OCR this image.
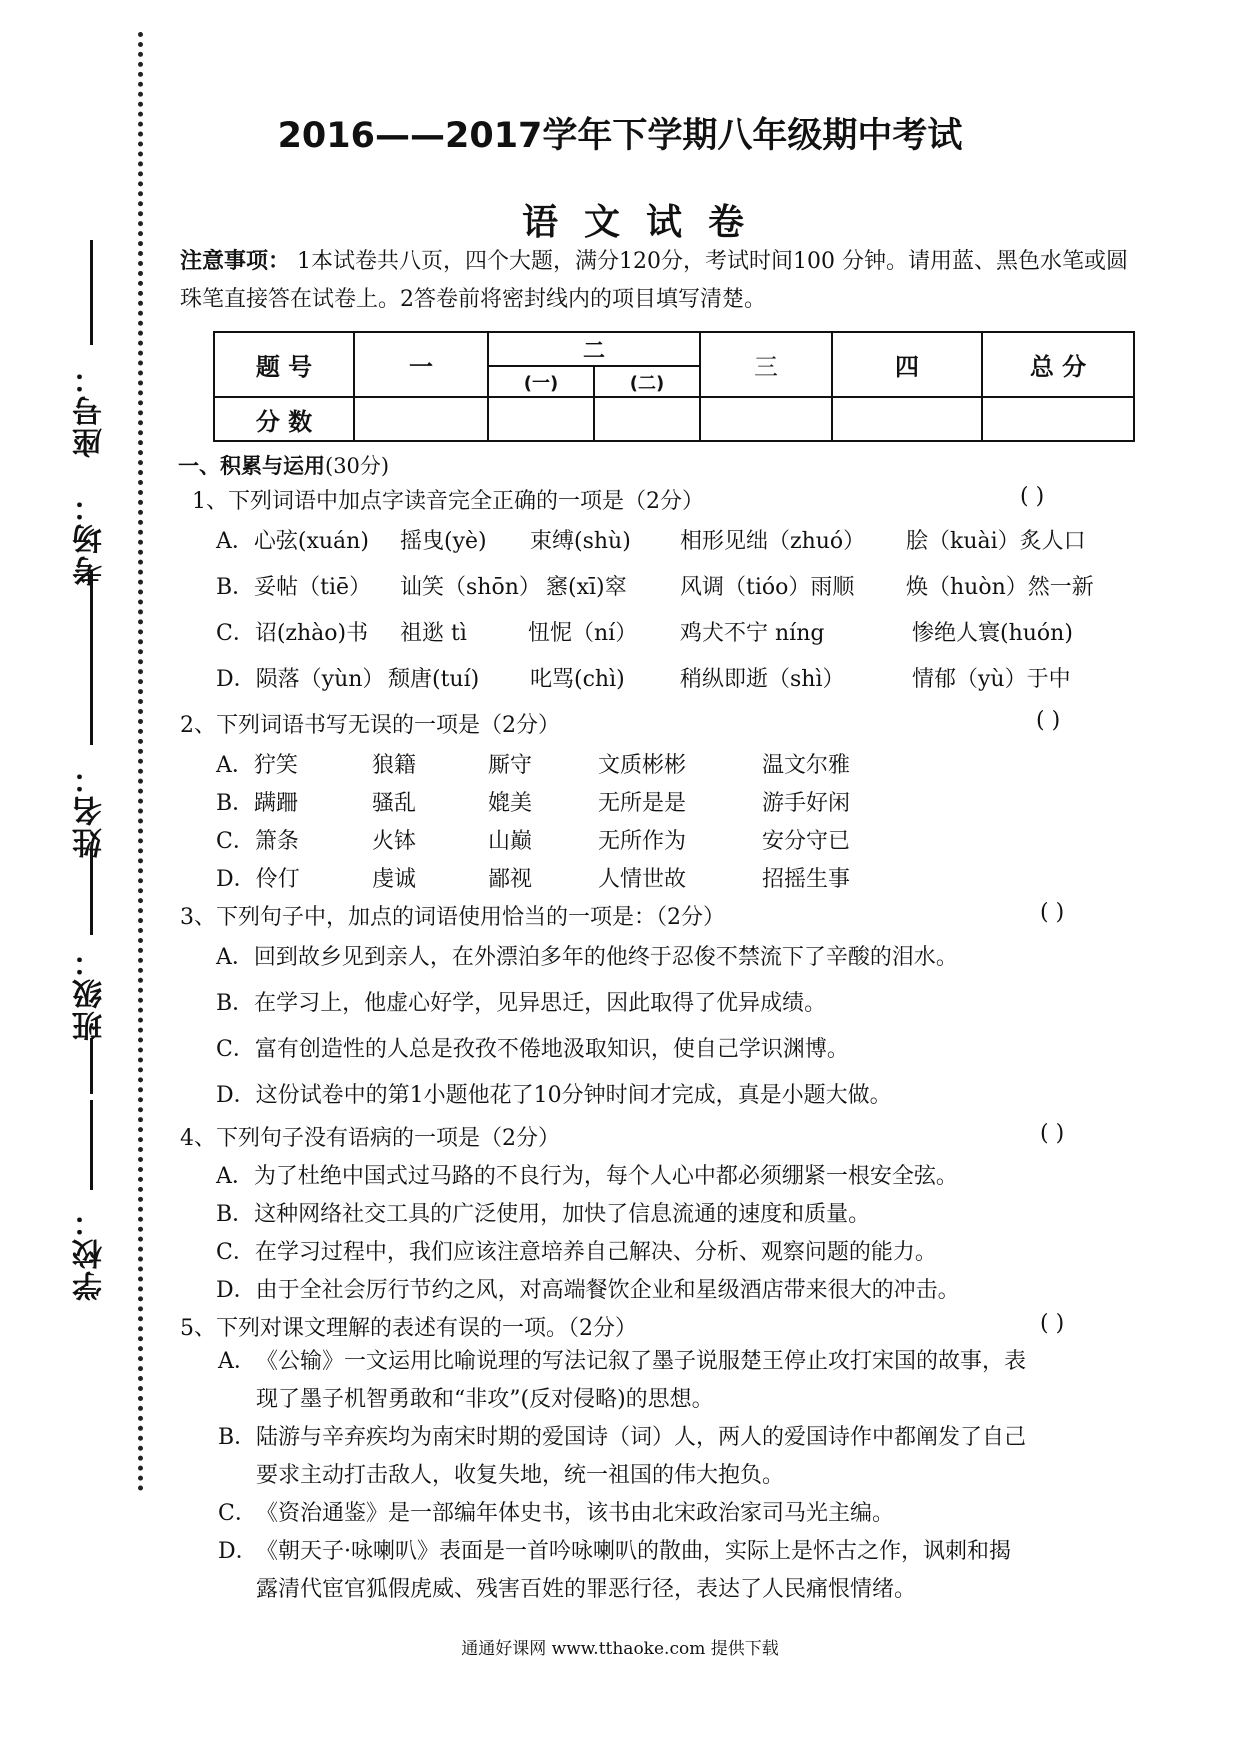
学校：
班级：
姓名：
考场：
座号：
2016——2017学年下学期八年级期中考试
语文试卷
注意事项： 1本试卷共八页，四个大题，满分120分，考试时间100 分钟。请用蓝、黑色水笔或圆珠笔直接答在试卷上。2答卷前将密封线内的项目填写清楚。
题 号	一	二		三	四	总 分
		(一)	(二)			
分 数						
一、积累与运用(30分)
1、下列词语中加点字读音完全正确的一项是（2分）	( )
A．心弦(xuán) 摇曳(yè) 束缚(shù) 相形见绌（zhuó） 脍（kuài）炙人口
B．妥帖（tiē） 讪笑（shōn） 窸(xī)窣 风调（tióo）雨顺 焕（huòn）然一新
C．诏(zhào)书 祖逖 tì	忸怩（ní） 鸡犬不宁 níng	惨绝人寰(huón)
D．陨落（yùn） 颓唐(tuí) 叱骂(chì)	稍纵即逝（shì）	情郁（yù）于中
2、下列词语书写无误的一项是（2分）	( )
A．狞笑	狼籍	厮守	文质彬彬	温文尔雅
B．蹒跚	骚乱	媲美	无所是是	游手好闲
C．箫条	火钵	山巅	无所作为	安分守已
D．伶仃	虔诚	鄙视	人情世故	招摇生事
3、下列句子中，加点的词语使用恰当的一项是：（2分）	( )
A．回到故乡见到亲人，在外漂泊多年的他终于忍俊不禁流下了辛酸的泪水。
B．在学习上，他虚心好学，见异思迁，因此取得了优异成绩。
C．富有创造性的人总是孜孜不倦地汲取知识，使自己学识渊博。
D．这份试卷中的第1小题他花了10分钟时间才完成，真是小题大做。
4、下列句子没有语病的一项是（2分）	( )
A．为了杜绝中国式过马路的不良行为，每个人心中都必须绷紧一根安全弦。
B．这种网络社交工具的广泛使用，加快了信息流通的速度和质量。
C．在学习过程中，我们应该注意培养自己解决、分析、观察问题的能力。
D．由于全社会厉行节约之风，对高端餐饮企业和星级酒店带来很大的冲击。
5、下列对课文理解的表述有误的一项。（2分）	( )
A．《公输》一文运用比喻说理的写法记叙了墨子说服楚王停止攻打宋国的故事，表
现了墨子机智勇敢和“非攻”(反对侵略)的思想。
B．陆游与辛弃疾均为南宋时期的爱国诗（词）人，两人的爱国诗作中都阐发了自己
要求主动打击敌人，收复失地，统一祖国的伟大抱负。
C．《资治通鉴》是一部编年体史书，该书由北宋政治家司马光主编。
D．《朝天子·咏喇叭》表面是一首吟咏喇叭的散曲，实际上是怀古之作，讽刺和揭
露清代宦官狐假虎威、残害百姓的罪恶行径，表达了人民痛恨情绪。
通通好课网 www.tthaoke.com 提供下载
